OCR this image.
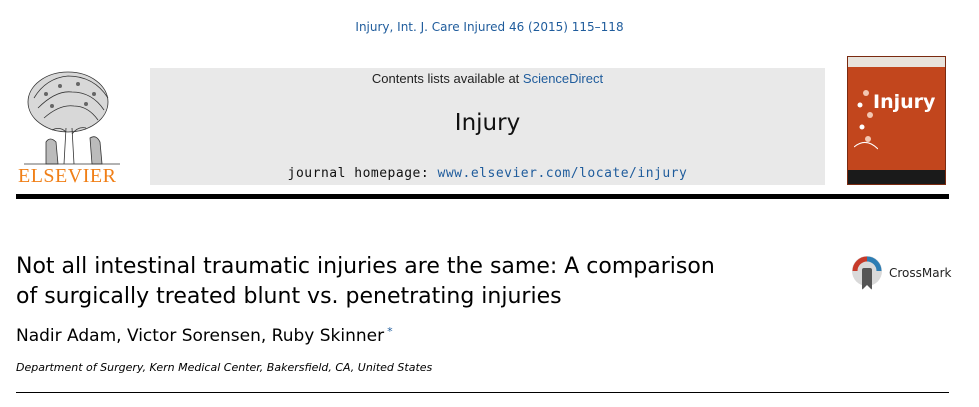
Injury, Int. J. Care Injured 46 (2015) 115–118
ELSEVIER
Contents lists available at ScienceDirect
Injury
journal homepage: www.elsevier.com/locate/injury
Injury
Not all intestinal traumatic injuries are the same: A comparison
of surgically treated blunt vs. penetrating injuries
CrossMark
Nadir Adam, Victor Sorensen, Ruby Skinner *
Department of Surgery, Kern Medical Center, Bakersfield, CA, United States
